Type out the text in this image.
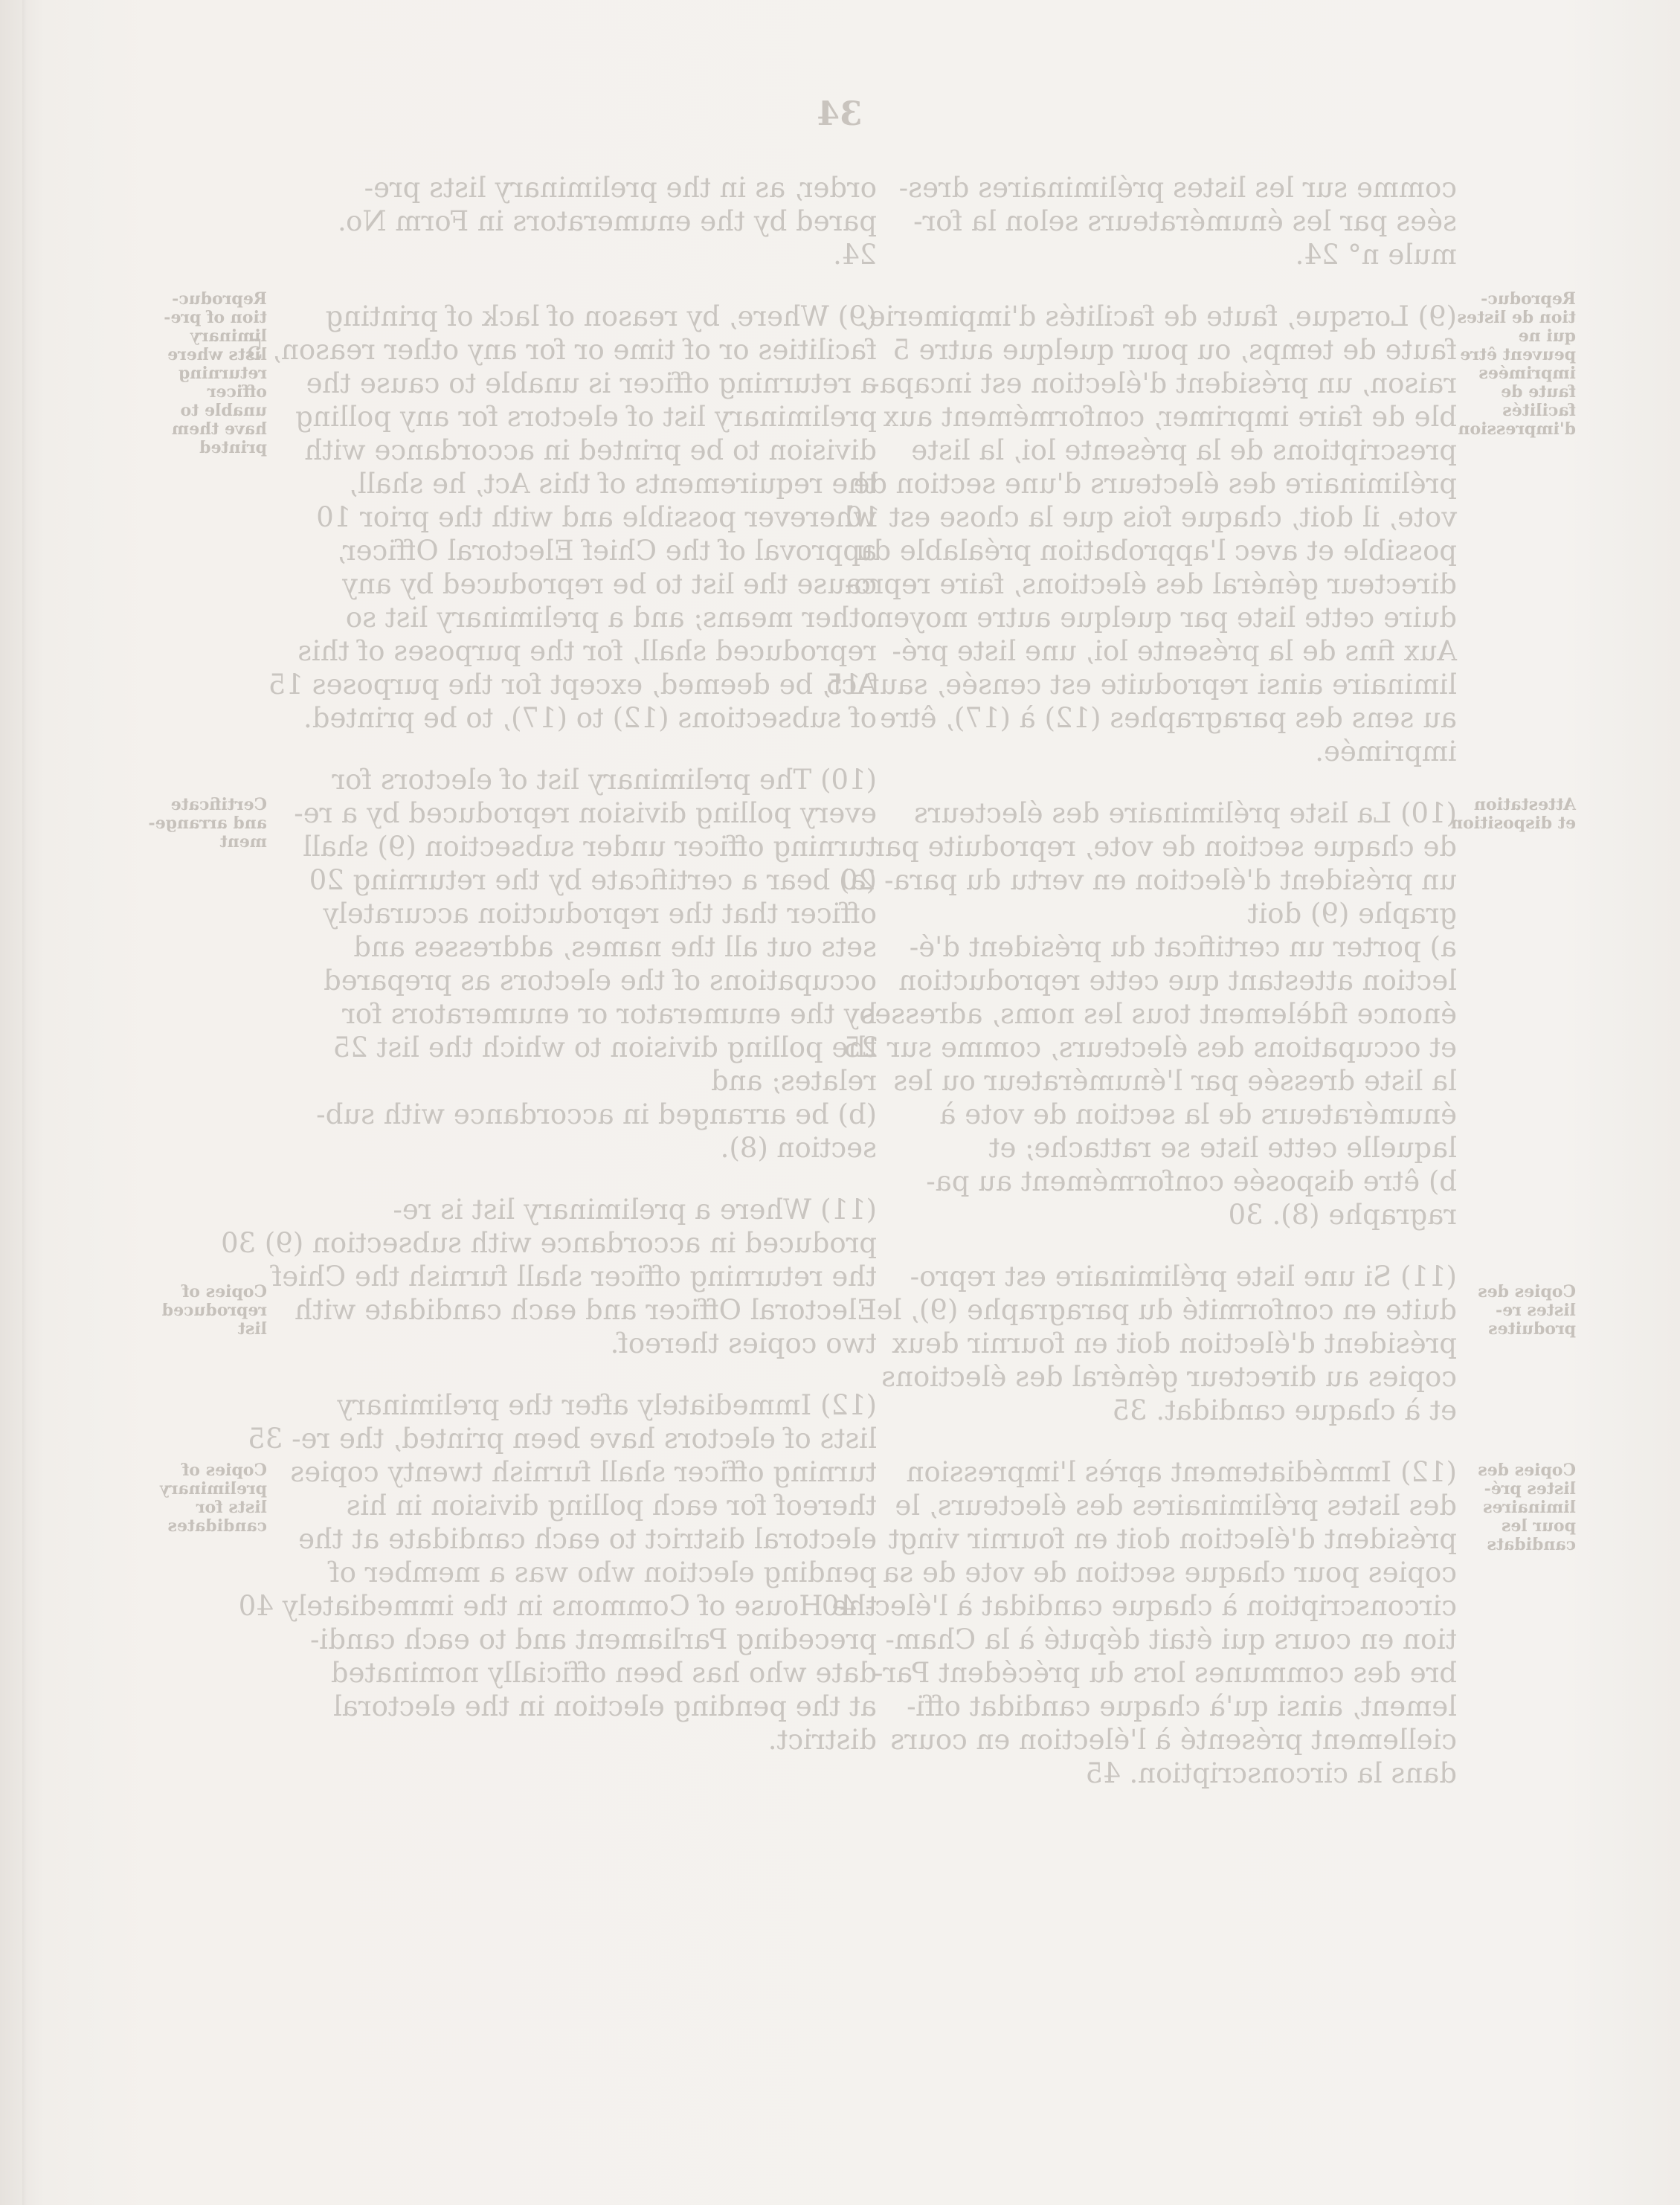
34
order, as in the preliminary lists pre-
pared by the enumerators in Form No.
24.
(9) Where, by reason of lack of printing
facilities or of time or for any other reason, 5
a returning officer is unable to cause the
preliminary list of electors for any polling
division to be printed in accordance with
the requirements of this Act, he shall,
wherever possible and with the prior 10
approval of the Chief Electoral Officer,
cause the list to be reproduced by any
other means; and a preliminary list so
reproduced shall, for the purposes of this
Act, be deemed, except for the purposes 15
of subsections (12) to (17), to be printed.
(10) The preliminary list of electors for
every polling division reproduced by a re-
turning officer under subsection (9) shall
(a) bear a certificate by the returning 20
officer that the reproduction accurately
sets out all the names, addresses and
occupations of the electors as prepared
by the enumerator or enumerators for
the polling division to which the list 25
relates; and
(b) be arranged in accordance with sub-
section (8).
(11) Where a preliminary list is re-
produced in accordance with subsection (9) 30
the returning officer shall furnish the Chief
Electoral Officer and each candidate with
two copies thereof.
(12) Immediately after the preliminary
lists of electors have been printed, the re- 35
turning officer shall furnish twenty copies
thereof for each polling division in his
electoral district to each candidate at the
pending election who was a member of
the House of Commons in the immediately 40
preceding Parliament and to each candi-
date who has been officially nominated
at the pending election in the electoral
district.
comme sur les listes préliminaires dres-
sées par les énumérateurs selon la for-
mule n° 24.
(9) Lorsque, faute de facilités d'impimerie,
faute de temps, ou pour quelque autre 5
raison, un président d'élection est incapa-
ble de faire imprimer, conformément aux
prescriptions de la présente loi, la liste
préliminaire des électeurs d'une section de
vote, il doit, chaque fois que la chose est 10
possible et avec l'approbation préalable du
directeur général des élections, faire repro-
duire cette liste par quelque autre moyen.
Aux fins de la présente loi, une liste pré-
liminaire ainsi reproduite est censée, sauf 15
au sens des paragraphes (12) à (17), être
imprimée.
(10) La liste préliminaire des électeurs
de chaque section de vote, reproduite par
un président d'élection en vertu du para- 20
graphe (9) doit
a) porter un certificat du président d'é-
lection attestant que cette reproduction
énonce fidèlement tous les noms, adresses
et occupations des électeurs, comme sur 25
la liste dressée par l'énumérateur ou les
énumérateurs de la section de vote à
laquelle cette liste se rattache; et
b) être disposée conformément au pa-
ragraphe (8). 30
(11) Si une liste préliminaire est repro-
duite en conformité du paragraphe (9), le
président d'élection doit en fournir deux
copies au directeur général des élections
et à chaque candidat. 35
(12) Immédiatement après l'impression
des listes préliminaires des électeurs, le
président d'élection doit en fournir vingt
copies pour chaque section de vote de sa
circonscription à chaque candidat à l'élec- 40
tion en cours qui était député à la Cham-
bre des communes lors du précédent Par-
lement, ainsi qu'à chaque candidat offi-
ciellement présenté à l'élection en cours
dans la circonscription. 45
Reproduc-
tion of pre-
liminary
lists where
returning
officer
unable to
have them
printed
Certificate
and arrange-
ment
Copies of
reproduced
list
Copies of
preliminary
lists for
candidates
Reproduc-
tion de listes
qui ne
peuvent être
imprimées
faute de
facilités
d'impression
Attestation
et disposition
Copies des
listes re-
produites
Copies des
listes pré-
liminaires
pour les
candidats
